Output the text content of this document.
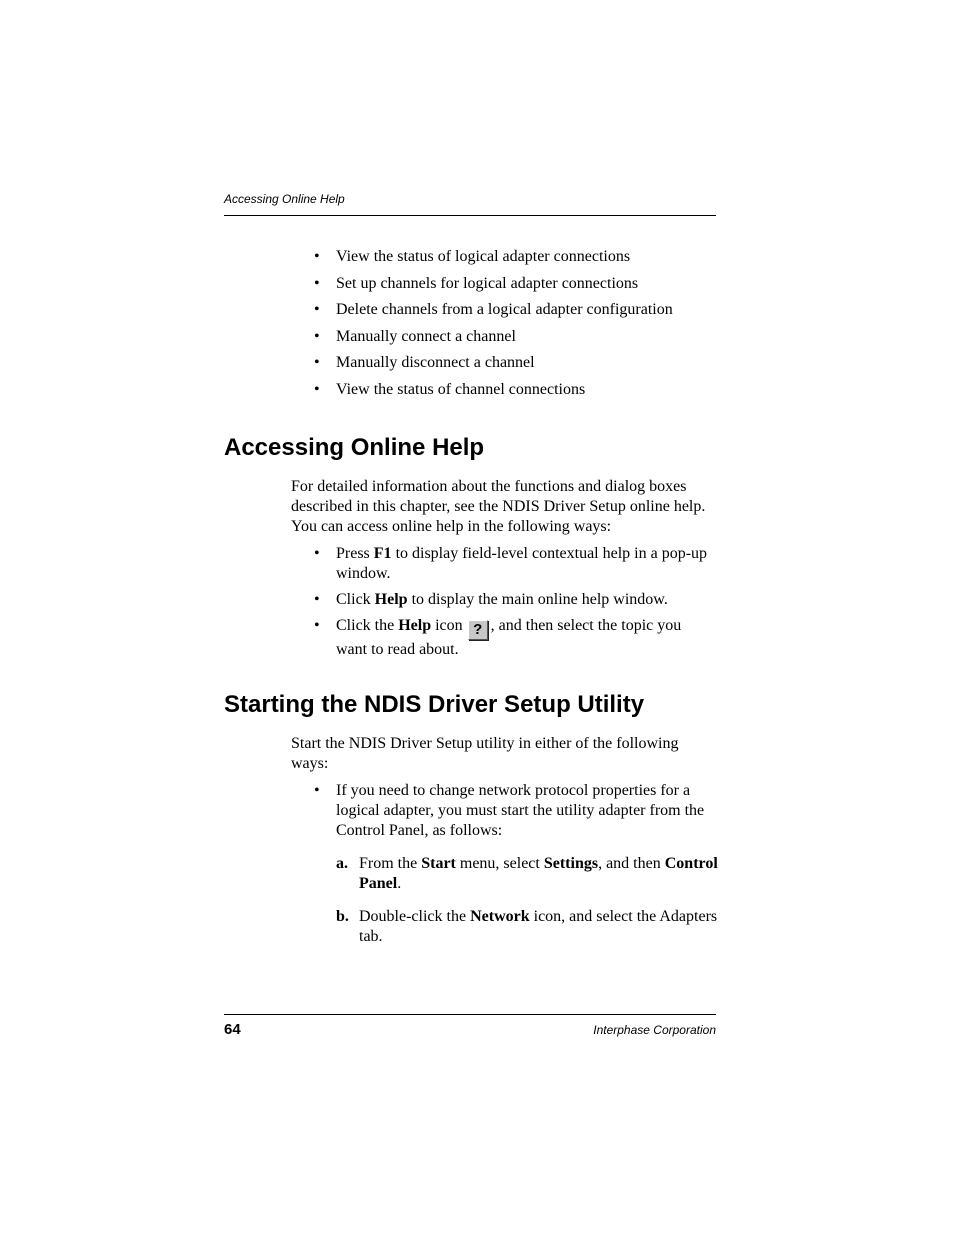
Accessing Online Help
• View the status of logical adapter connections
• Set up channels for logical adapter connections
• Delete channels from a logical adapter configuration
• Manually connect a channel
• Manually disconnect a channel
• View the status of channel connections
Accessing Online Help

For detailed information about the functions and dialog boxes described in this chapter, see the NDIS Driver Setup online help. You can access online help in the following ways:

• Press F1 to display field-level contextual help in a pop-up window.
• Click Help to display the main online help window.
• Click the Help icon ? , and then select the topic you want to read about.
Starting the NDIS Driver Setup Utility

Start the NDIS Driver Setup utility in either of the following ways:

• If you need to change network protocol properties for a logical adapter, you must start the utility adapter from the Control Panel, as follows:
a. From the Start menu, select Settings, and then Control Panel.
b. Double-click the Network icon, and select the Adapters tab.
64	Interphase Corporation
